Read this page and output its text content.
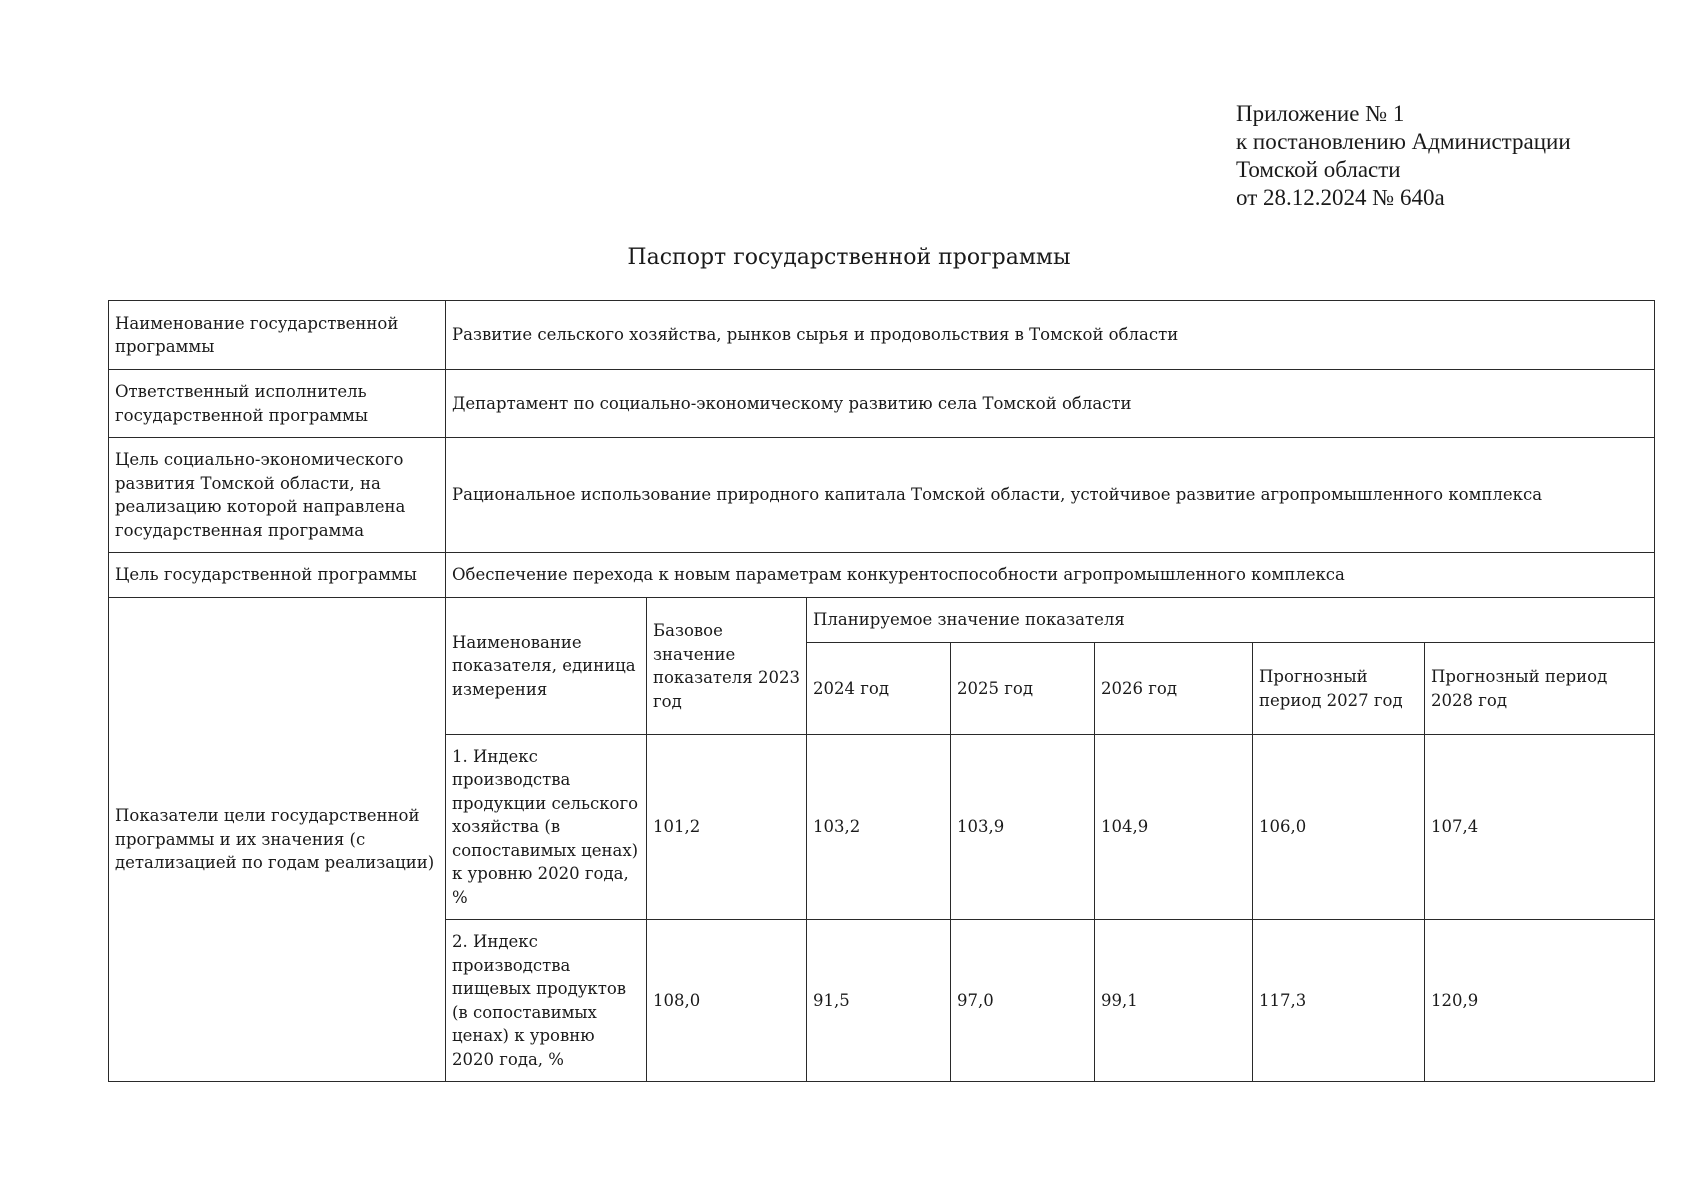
Приложение № 1
к постановлению Администрации
Томской области
от 28.12.2024 № 640а
Паспорт государственной программы
Наименование государственной программы	Развитие сельского хозяйства, рынков сырья и продовольствия в Томской области						
Ответственный исполнитель государственной программы	Департамент по социально-экономическому развитию села Томской области						
Цель социально-экономического развития Томской области, на реализацию которой направлена государственная программа	Рациональное использование природного капитала Томской области, устойчивое развитие агропромышленного комплекса						
Цель государственной программы	Обеспечение перехода к новым параметрам конкурентоспособности агропромышленного комплекса						
Показатели цели государственной программы и их значения (с детализацией по годам реализации)	Наименование показателя, единица измерения	Базовое значение показателя 2023 год	Планируемое значение показателя				
			2024 год	2025 год	2026 год	Прогнозный период 2027 год	Прогнозный период 2028 год
	1. Индекс производства продукции сельского хозяйства (в сопоставимых ценах) к уровню 2020 года, %	101,2	103,2	103,9	104,9	106,0	107,4
	2. Индекс производства пищевых продуктов (в сопоставимых ценах) к уровню 2020 года, %	108,0	91,5	97,0	99,1	117,3	120,9
